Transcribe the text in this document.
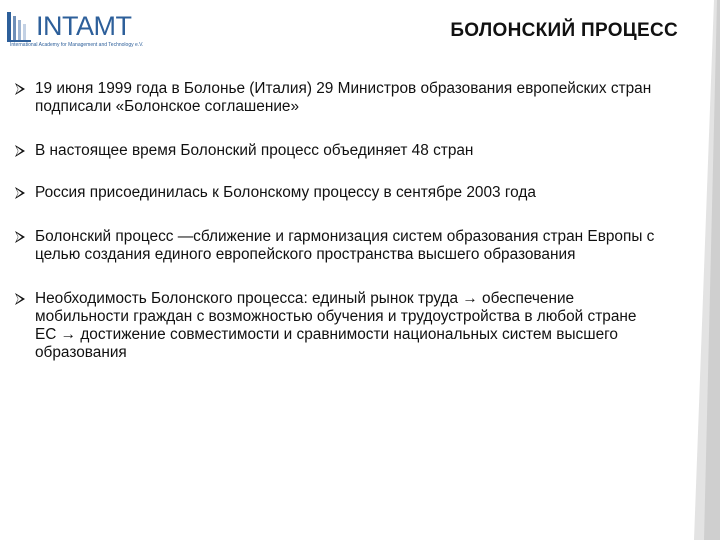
INTAMT
International Academy for Management and Technology e.V.
БОЛОНСКИЙ ПРОЦЕСС
19 июня 1999 года в Болонье (Италия) 29 Министров образования европейских стран подписали «Болонское соглашение»
В настоящее время Болонский процесс объединяет 48 стран
Россия присоединилась к Болонскому процессу в сентябре 2003 года
Болонский процесс —сближение и гармонизация систем образования стран Европы с целью создания единого европейского пространства высшего образования
Необходимость Болонского процесса: единый рынок труда → обеспечение мобильности граждан с возможностью обучения и трудоустройства в любой стране ЕС → достижение совместимости и сравнимости национальных систем высшего образования
